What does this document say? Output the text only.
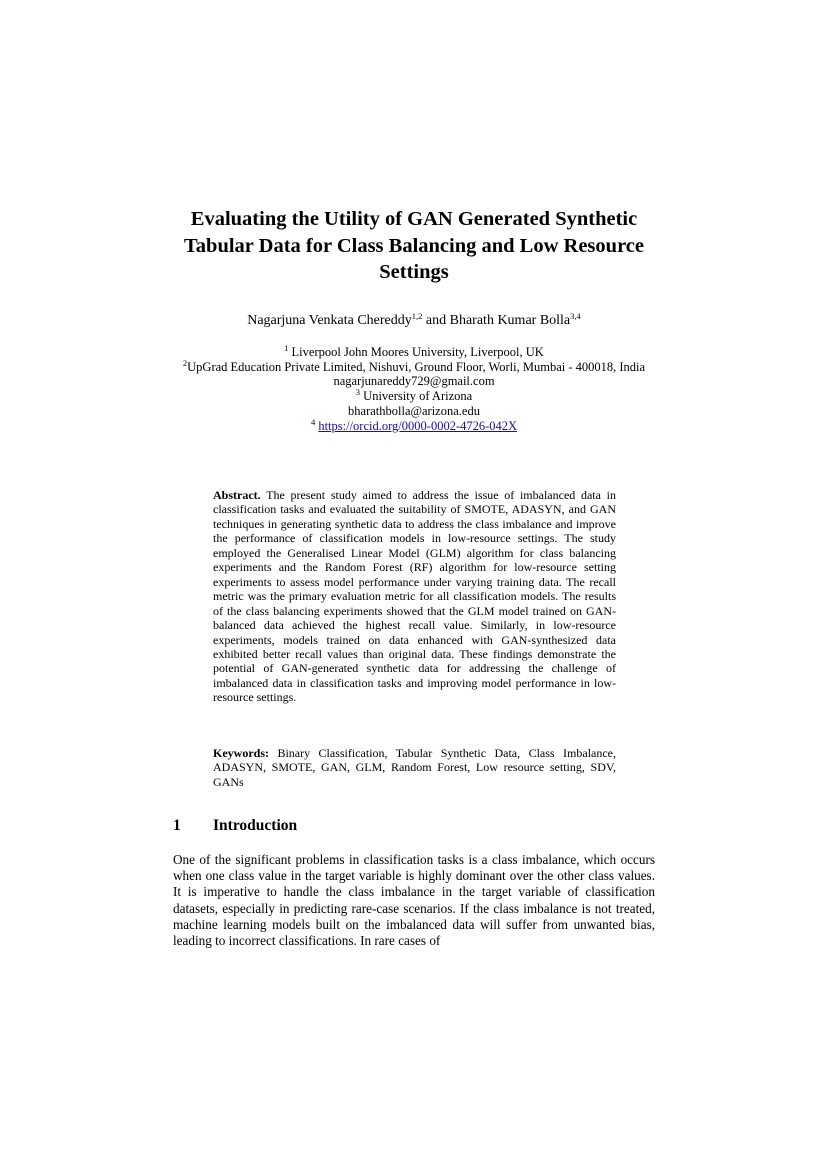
Evaluating the Utility of GAN Generated Synthetic
Tabular Data for Class Balancing and Low Resource
Settings
Nagarjuna Venkata Chereddy$^{1,2}$ and Bharath Kumar Bolla$^{3,4}$
$^1$ Liverpool John Moores University, Liverpool, UK
$^2$UpGrad Education Private Limited, Nishuvi, Ground Floor, Worli, Mumbai - 400018, India
nagarjunareddy729@gmail.com
$^3$ University of Arizona
bharathbolla@arizona.edu
$^4$ https://orcid.org/0000-0002-4726-042X
Abstract. The present study aimed to address the issue of imbalanced data in classification tasks and evaluated the suitability of SMOTE, ADASYN, and GAN techniques in generating synthetic data to address the class imbalance and improve the performance of classification models in low-resource settings. The study employed the Generalised Linear Model (GLM) algorithm for class balancing experiments and the Random Forest (RF) algorithm for low-resource setting experiments to assess model performance under varying training data. The recall metric was the primary evaluation metric for all classification models. The results of the class balancing experiments showed that the GLM model trained on GAN-balanced data achieved the highest recall value. Similarly, in low-resource experiments, models trained on data enhanced with GAN-synthesized data exhibited better recall values than original data. These findings demonstrate the potential of GAN-generated synthetic data for addressing the challenge of imbalanced data in classification tasks and improving model performance in low-resource settings.
Keywords: Binary Classification, Tabular Synthetic Data, Class Imbalance, ADASYN, SMOTE, GAN, GLM, Random Forest, Low resource setting, SDV, GANs
1 Introduction
One of the significant problems in classification tasks is a class imbalance, which occurs when one class value in the target variable is highly dominant over the other class values. It is imperative to handle the class imbalance in the target variable of classification datasets, especially in predicting rare-case scenarios. If the class imbalance is not treated, machine learning models built on the imbalanced data will suffer from unwanted bias, leading to incorrect classifications. In rare cases of
